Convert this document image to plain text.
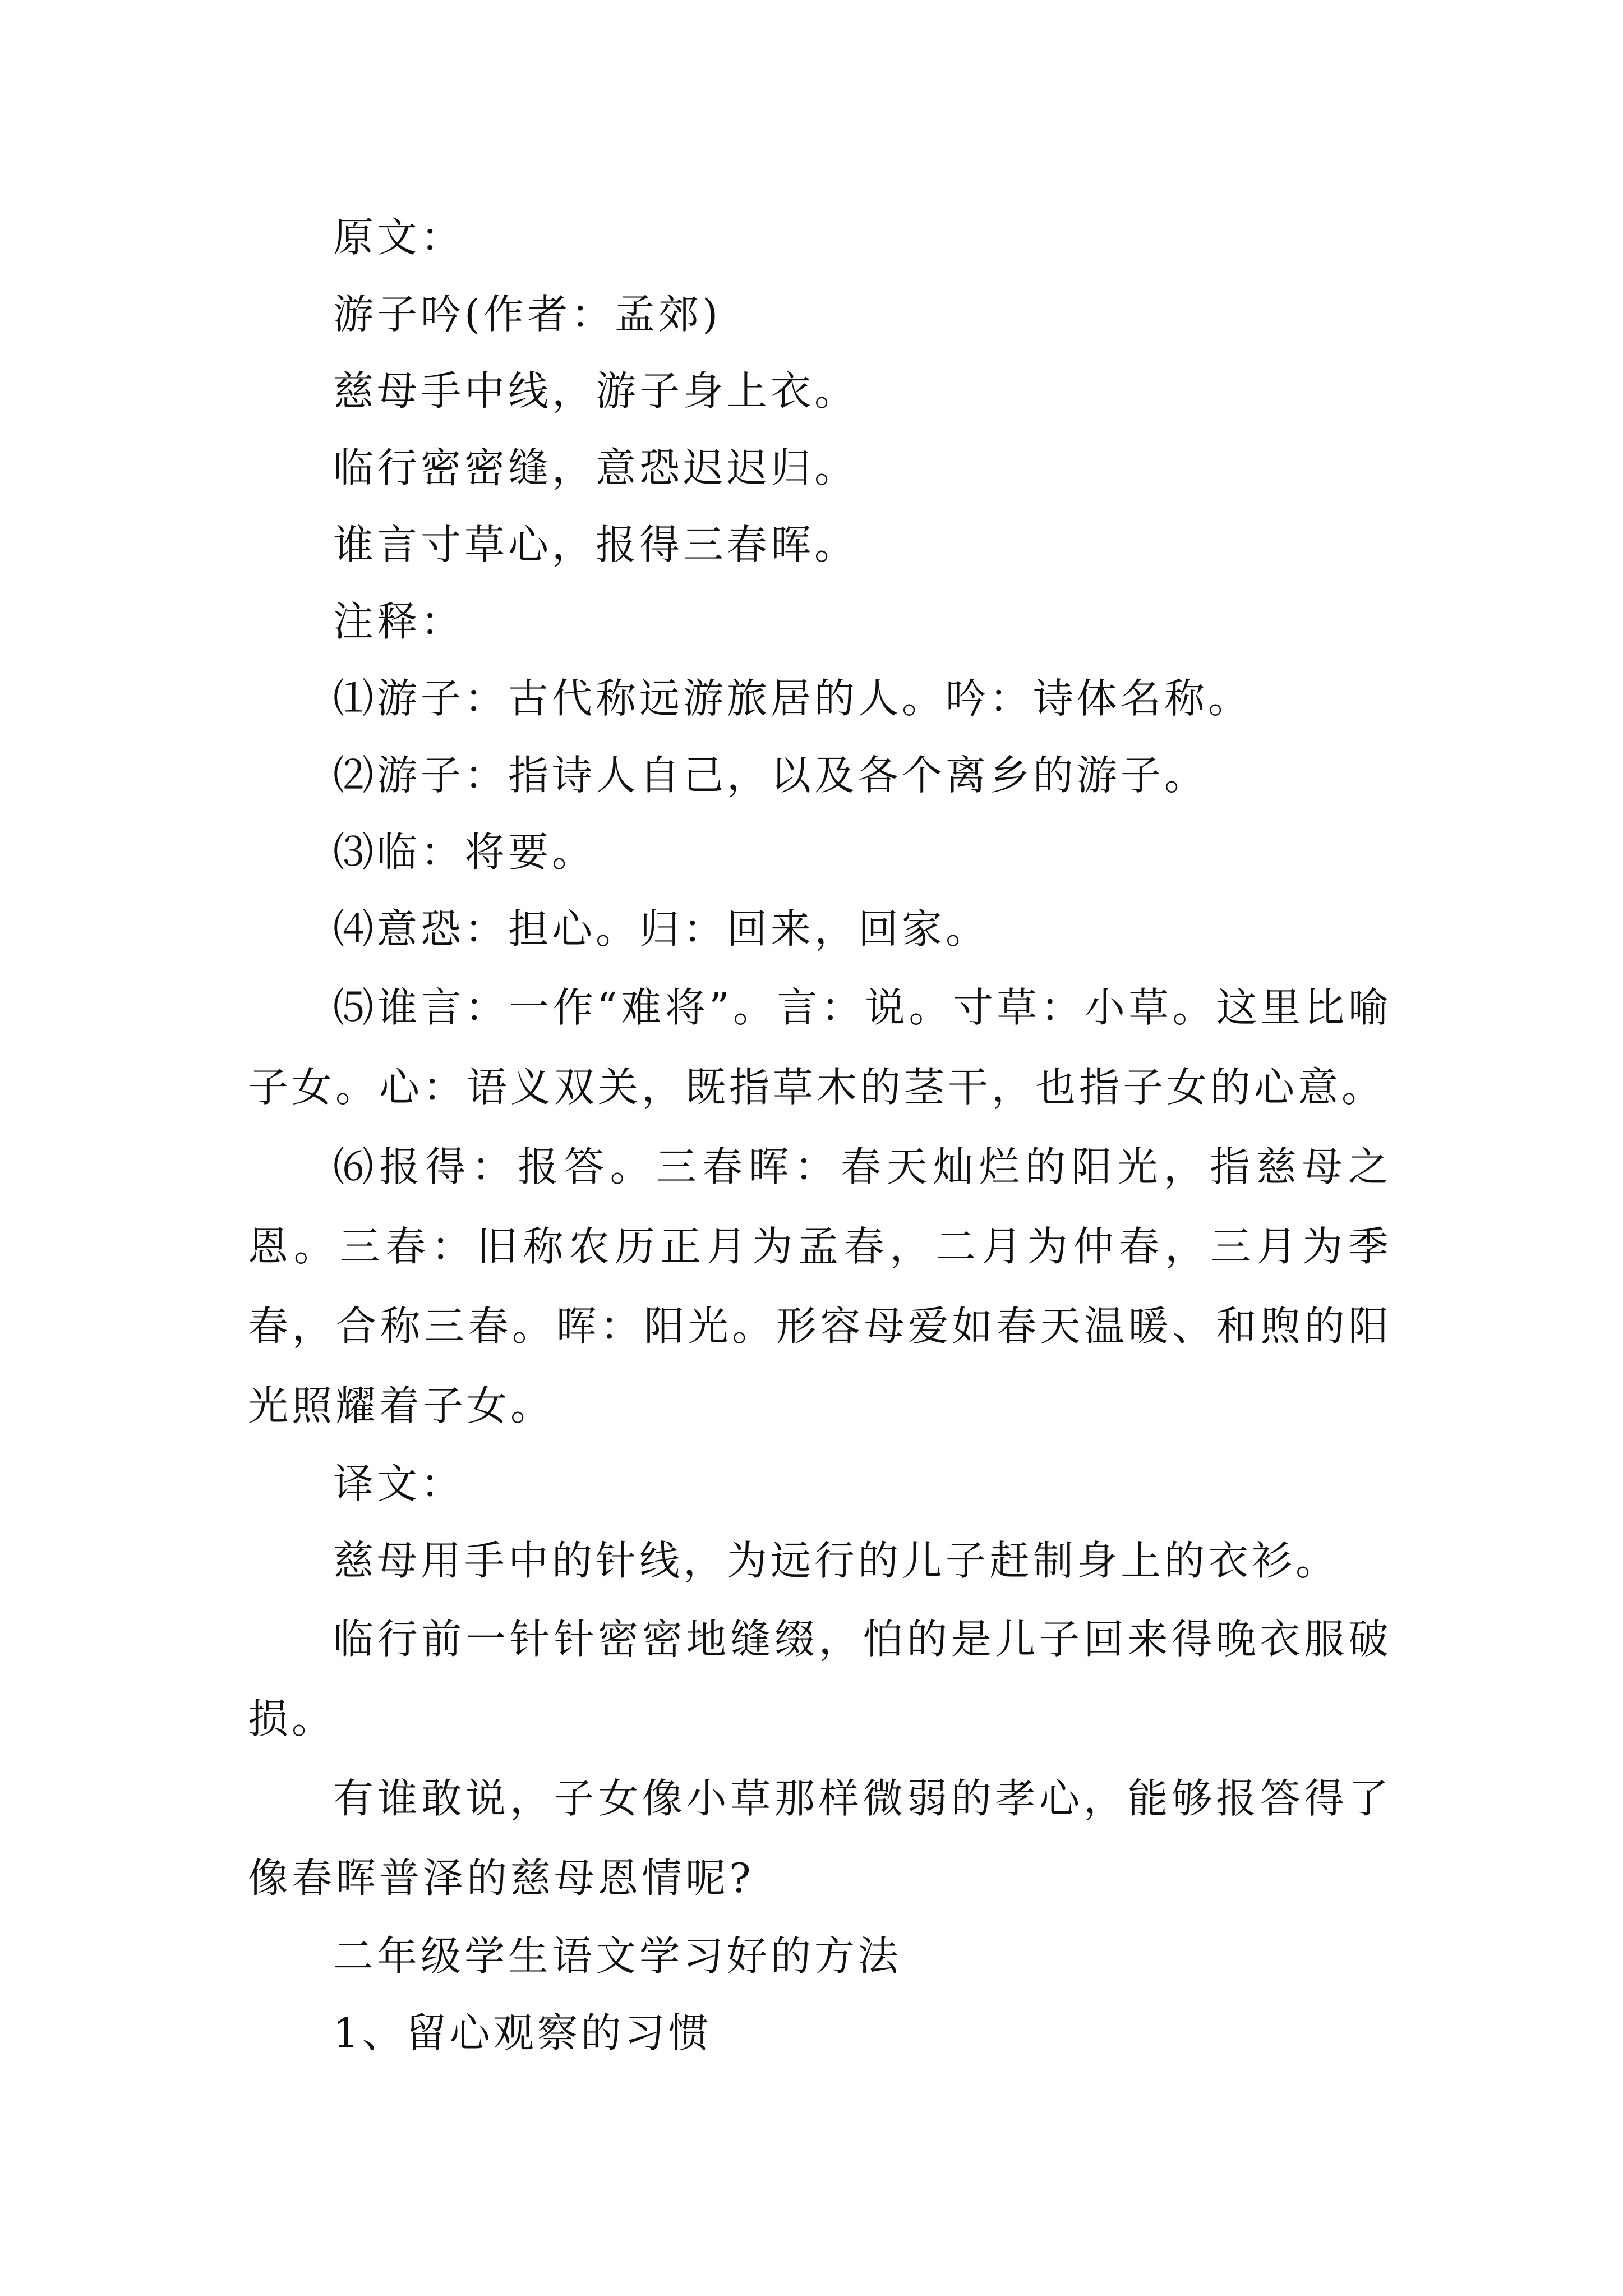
原文：

游子吟(作者：孟郊)

慈母手中线，游子身上衣。

临行密密缝，意恐迟迟归。

谁言寸草心，报得三春晖。

注释：

⑴游子：古代称远游旅居的人。吟：诗体名称。

⑵游子：指诗人自己，以及各个离乡的游子。

⑶临：将要。

⑷意恐：担心。归：回来，回家。

⑸谁言：一作“难将”。言：说。寸草：小草。这里比喻子女。心：语义双关，既指草木的茎干，也指子女的心意。

⑹报得：报答。三春晖：春天灿烂的阳光，指慈母之恩。三春：旧称农历正月为孟春，二月为仲春，三月为季春，合称三春。晖：阳光。形容母爱如春天温暖、和煦的阳光照耀着子女。

译文：

慈母用手中的针线，为远行的儿子赶制身上的衣衫。

临行前一针针密密地缝缀，怕的是儿子回来得晚衣服破损。

有谁敢说，子女像小草那样微弱的孝心，能够报答得了像春晖普泽的慈母恩情呢?

二年级学生语文学习好的方法

1、留心观察的习惯
